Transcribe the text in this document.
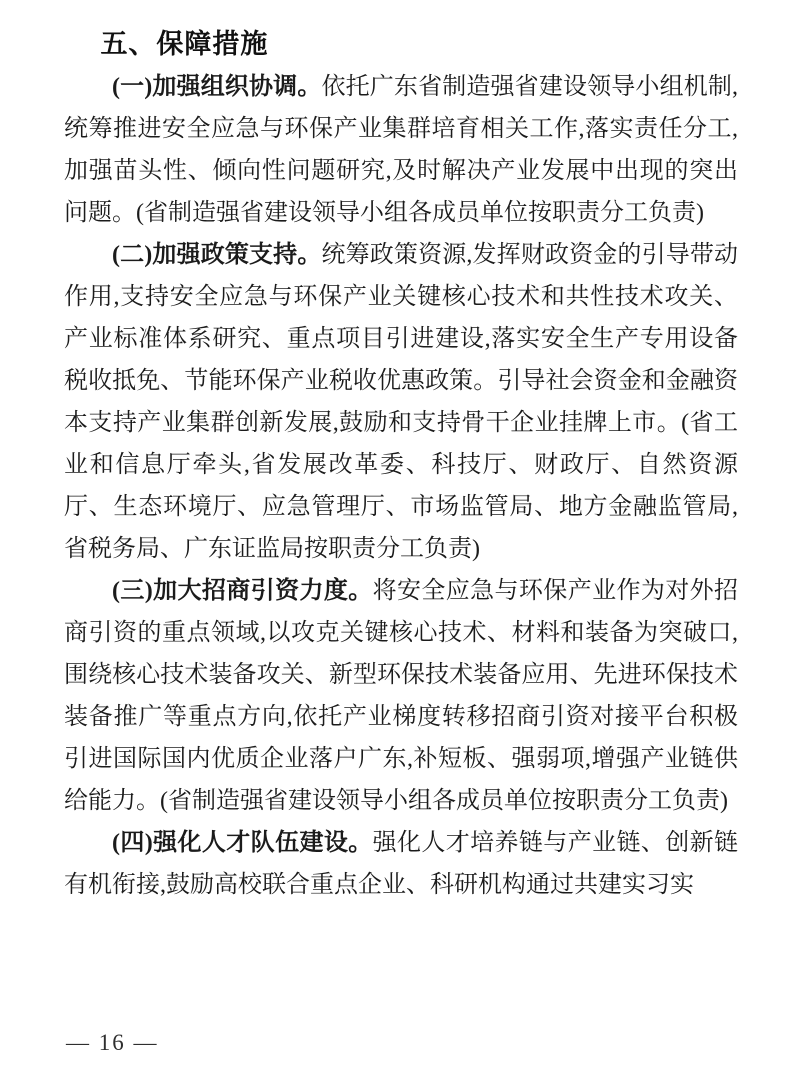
五、保障措施

(一)加强组织协调。依托广东省制造强省建设领导小组机制,统筹推进安全应急与环保产业集群培育相关工作,落实责任分工,加强苗头性、倾向性问题研究,及时解决产业发展中出现的突出问题。(省制造强省建设领导小组各成员单位按职责分工负责)

(二)加强政策支持。统筹政策资源,发挥财政资金的引导带动作用,支持安全应急与环保产业关键核心技术和共性技术攻关、产业标准体系研究、重点项目引进建设,落实安全生产专用设备税收抵免、节能环保产业税收优惠政策。引导社会资金和金融资本支持产业集群创新发展,鼓励和支持骨干企业挂牌上市。(省工业和信息厅牵头,省发展改革委、科技厅、财政厅、自然资源厅、生态环境厅、应急管理厅、市场监管局、地方金融监管局,省税务局、广东证监局按职责分工负责)

(三)加大招商引资力度。将安全应急与环保产业作为对外招商引资的重点领域,以攻克关键核心技术、材料和装备为突破口,围绕核心技术装备攻关、新型环保技术装备应用、先进环保技术装备推广等重点方向,依托产业梯度转移招商引资对接平台积极引进国际国内优质企业落户广东,补短板、强弱项,增强产业链供给能力。(省制造强省建设领导小组各成员单位按职责分工负责)

(四)强化人才队伍建设。强化人才培养链与产业链、创新链有机衔接,鼓励高校联合重点企业、科研机构通过共建实习实

— 16 —
